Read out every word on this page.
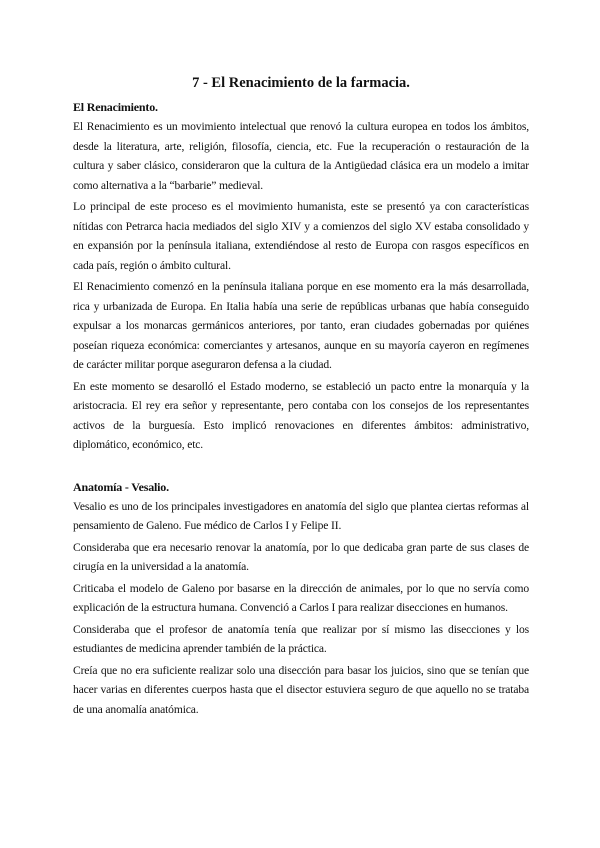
7 - El Renacimiento de la farmacia.
El Renacimiento.

El Renacimiento es un movimiento intelectual que renovó la cultura europea en todos los ámbitos, desde la literatura, arte, religión, filosofía, ciencia, etc. Fue la recuperación o restauración de la cultura y saber clásico, consideraron que la cultura de la Antigüedad clásica era un modelo a imitar como alternativa a la “barbarie” medieval.

Lo principal de este proceso es el movimiento humanista, este se presentó ya con características nítidas con Petrarca hacia mediados del siglo XIV y a comienzos del siglo XV estaba consolidado y en expansión por la península italiana, extendiéndose al resto de Europa con rasgos específicos en cada país, región o ámbito cultural.

El Renacimiento comenzó en la península italiana porque en ese momento era la más desarrollada, rica y urbanizada de Europa. En Italia había una serie de repúblicas urbanas que había conseguido expulsar a los monarcas germánicos anteriores, por tanto, eran ciudades gobernadas por quiénes poseían riqueza económica: comerciantes y artesanos, aunque en su mayoría cayeron en regímenes de carácter militar porque aseguraron defensa a la ciudad.

En este momento se desarolló el Estado moderno, se estableció un pacto entre la monarquía y la aristocracia. El rey era señor y representante, pero contaba con los consejos de los representantes activos de la burguesía. Esto implicó renovaciones en diferentes ámbitos: administrativo, diplomático, económico, etc.

Anatomía - Vesalio.

Vesalio es uno de los principales investigadores en anatomía del siglo que plantea ciertas reformas al pensamiento de Galeno. Fue médico de Carlos I y Felipe II.

Consideraba que era necesario renovar la anatomía, por lo que dedicaba gran parte de sus clases de cirugía en la universidad a la anatomía.

Criticaba el modelo de Galeno por basarse en la dirección de animales, por lo que no servía como explicación de la estructura humana. Convenció a Carlos I para realizar disecciones en humanos.

Consideraba que el profesor de anatomía tenía que realizar por sí mismo las disecciones y los estudiantes de medicina aprender también de la práctica.

Creía que no era suficiente realizar solo una disección para basar los juicios, sino que se tenían que hacer varias en diferentes cuerpos hasta que el disector estuviera seguro de que aquello no se trataba de una anomalía anatómica.
